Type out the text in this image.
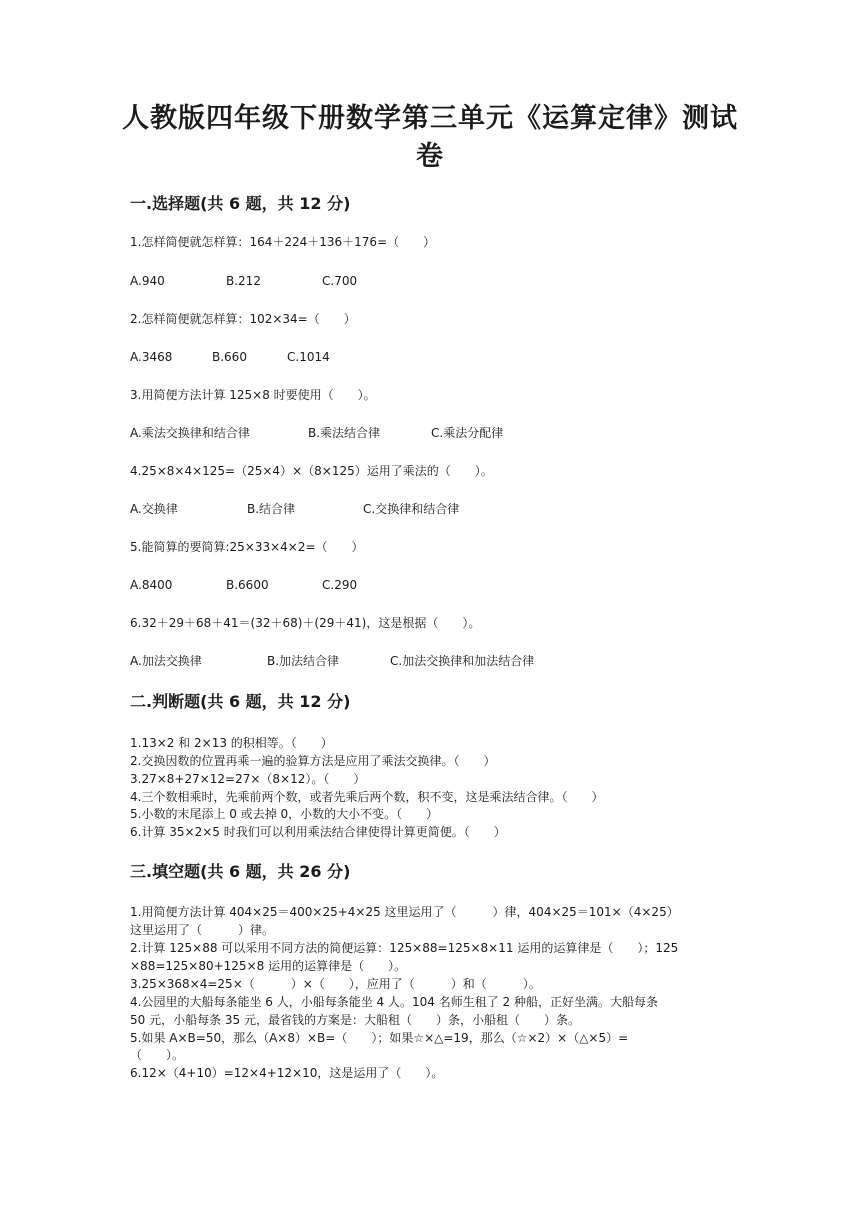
人教版四年级下册数学第三单元《运算定律》测试
卷
一.选择题(共 6 题，共 12 分)
1.怎样简便就怎样算：164＋224＋136＋176=（　　）
A.940	B.212	C.700
2.怎样简便就怎样算：102×34=（　　）
A.3468	B.660	C.1014
3.用简便方法计算 125×8 时要使用（　　）。
A.乘法交换律和结合律	B.乘法结合律	C.乘法分配律
4.25×8×4×125=（25×4）×（8×125）运用了乘法的（　　）。
A.交换律	B.结合律	C.交换律和结合律
5.能简算的要简算:25×33×4×2=（　　）
A.8400	B.6600	C.290
6.32＋29＋68＋41＝(32＋68)＋(29＋41)，这是根据（　　）。
A.加法交换律	B.加法结合律	C.加法交换律和加法结合律
二.判断题(共 6 题，共 12 分)
1.13×2 和 2×13 的积相等。（　　）
2.交换因数的位置再乘一遍的验算方法是应用了乘法交换律。（　　）
3.27×8+27×12=27×（8×12）。（　　）
4.三个数相乘时，先乘前两个数，或者先乘后两个数，积不变，这是乘法结合律。（　　）
5.小数的末尾添上 0 或去掉 0，小数的大小不变。（　　）
6.计算 35×2×5 时我们可以利用乘法结合律使得计算更简便。（　　）
三.填空题(共 6 题，共 26 分)
1.用简便方法计算 404×25＝400×25+4×25 这里运用了（　　　）律，404×25＝101×（4×25）
这里运用了（　　　）律。
2.计算 125×88 可以采用不同方法的简便运算：125×88=125×8×11 运用的运算律是（　　）；125
×88=125×80+125×8 运用的运算律是（　　）。
3.25×368×4=25×（　　　）×（　　），应用了（　　　）和（　　　）。
4.公园里的大船每条能坐 6 人，小船每条能坐 4 人。104 名师生租了 2 种船，正好坐满。大船每条
50 元，小船每条 35 元，最省钱的方案是：大船租（　　）条，小船租（　　）条。
5.如果 A×B=50，那么（A×8）×B=（　　）；如果☆×△=19，那么（☆×2）×（△×5）=
（　　）。
6.12×（4+10）=12×4+12×10，这是运用了（　　）。
